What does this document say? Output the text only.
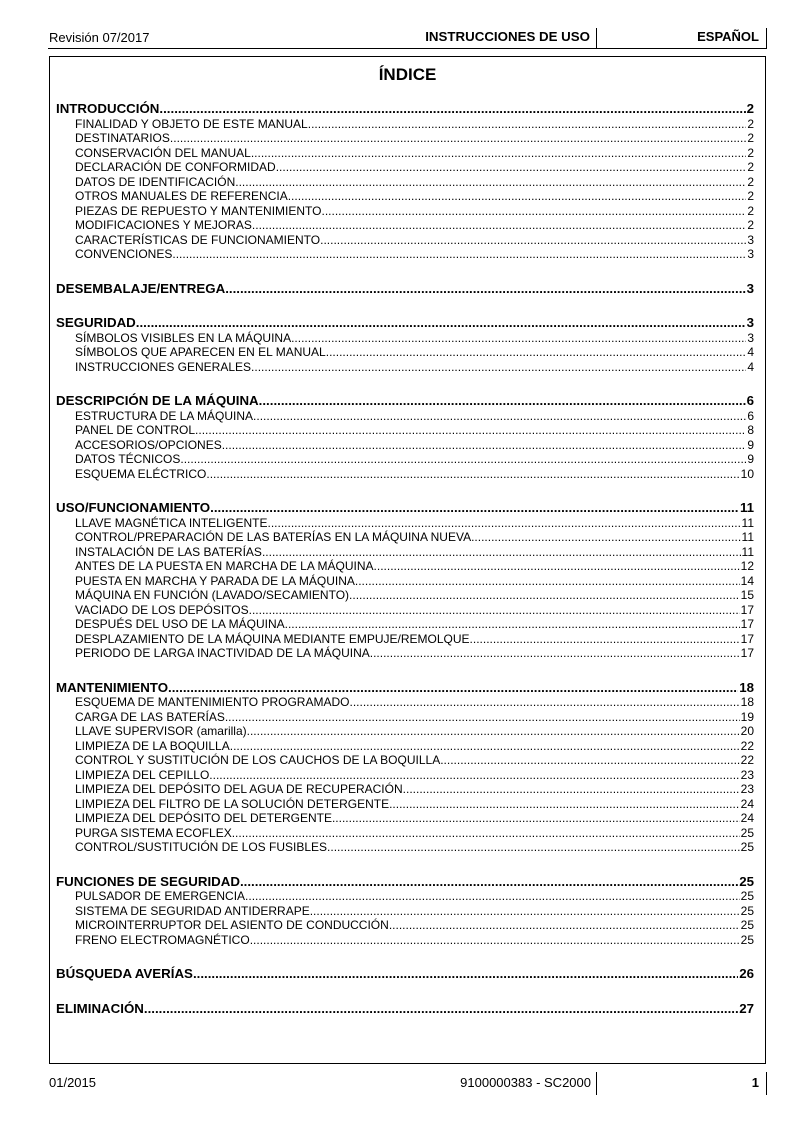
Revisión 07/2017	INSTRUCCIONES DE USO	ESPAÑOL
ÍNDICE
INTRODUCCIÓN .....	2
FINALIDAD Y OBJETO DE ESTE MANUAL .....	2
DESTINATARIOS .....	2
CONSERVACIÓN DEL MANUAL .....	2
DECLARACIÓN DE CONFORMIDAD .....	2
DATOS DE IDENTIFICACIÓN .....	2
OTROS MANUALES DE REFERENCIA .....	2
PIEZAS DE REPUESTO Y MANTENIMIENTO .....	2
MODIFICACIONES Y MEJORAS .....	2
CARACTERÍSTICAS DE FUNCIONAMIENTO .....	3
CONVENCIONES .....	3
DESEMBALAJE/ENTREGA .....	3
SEGURIDAD .....	3
SÍMBOLOS VISIBLES EN LA MÁQUINA .....	3
SÍMBOLOS QUE APARECEN EN EL MANUAL .....	4
INSTRUCCIONES GENERALES .....	4
DESCRIPCIÓN DE LA MÁQUINA .....	6
ESTRUCTURA DE LA MÁQUINA .....	6
PANEL DE CONTROL .....	8
ACCESORIOS/OPCIONES .....	9
DATOS TÉCNICOS .....	9
ESQUEMA ELÉCTRICO .....	10
USO/FUNCIONAMIENTO .....	11
LLAVE MAGNÉTICA INTELIGENTE .....	11
CONTROL/PREPARACIÓN DE LAS BATERÍAS EN LA MÁQUINA NUEVA .....	11
INSTALACIÓN DE LAS BATERÍAS .....	11
ANTES DE LA PUESTA EN MARCHA DE LA MÁQUINA .....	12
PUESTA EN MARCHA Y PARADA DE LA MÁQUINA .....	14
MÁQUINA EN FUNCIÓN (LAVADO/SECAMIENTO) .....	15
VACIADO DE LOS DEPÓSITOS .....	17
DESPUÉS DEL USO DE LA MÁQUINA .....	17
DESPLAZAMIENTO DE LA MÁQUINA MEDIANTE EMPUJE/REMOLQUE .....	17
PERIODO DE LARGA INACTIVIDAD DE LA MÁQUINA .....	17
MANTENIMIENTO .....	18
ESQUEMA DE MANTENIMIENTO PROGRAMADO .....	18
CARGA DE LAS BATERÍAS .....	19
LLAVE SUPERVISOR (amarilla) .....	20
LIMPIEZA DE LA BOQUILLA .....	22
CONTROL Y SUSTITUCIÓN DE LOS CAUCHOS DE LA BOQUILLA .....	22
LIMPIEZA DEL CEPILLO .....	23
LIMPIEZA DEL DEPÓSITO DEL AGUA DE RECUPERACIÓN .....	23
LIMPIEZA DEL FILTRO DE LA SOLUCIÓN DETERGENTE .....	24
LIMPIEZA DEL DEPÓSITO DEL DETERGENTE .....	24
PURGA SISTEMA ECOFLEX .....	25
CONTROL/SUSTITUCIÓN DE LOS FUSIBLES .....	25
FUNCIONES DE SEGURIDAD .....	25
PULSADOR DE EMERGENCIA .....	25
SISTEMA DE SEGURIDAD ANTIDERRAPE .....	25
MICROINTERRUPTOR DEL ASIENTO DE CONDUCCIÓN .....	25
FRENO ELECTROMAGNÉTICO .....	25
BÚSQUEDA AVERÍAS .....	26
ELIMINACIÓN .....	27
01/2015	9100000383 - SC2000	1
